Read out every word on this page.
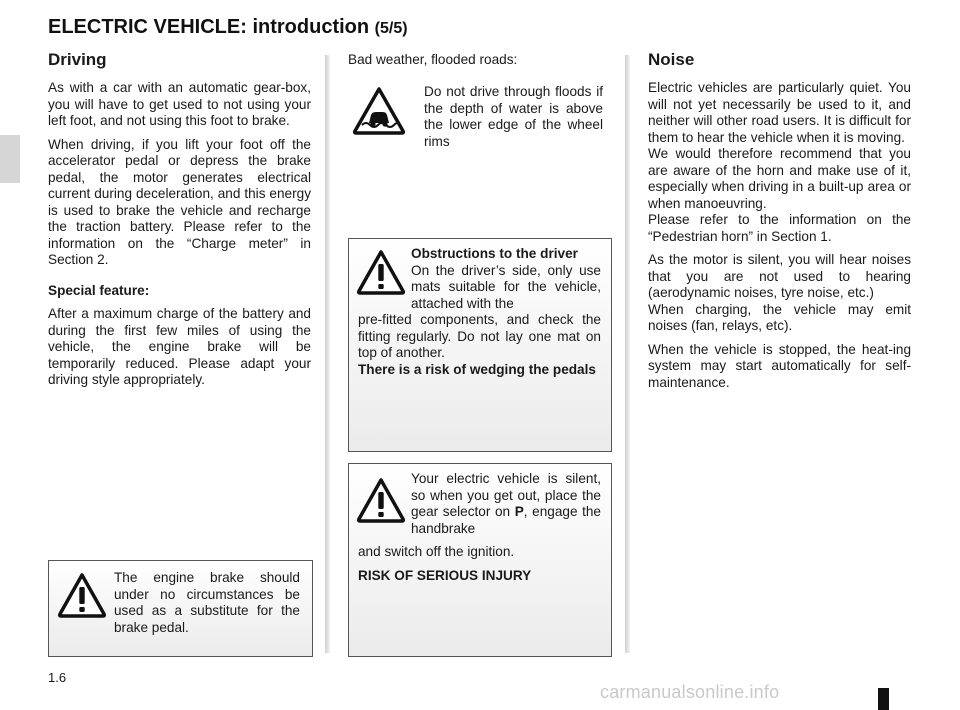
ELECTRIC VEHICLE: introduction (5/5)
Driving

As with a car with an automatic gear-box, you will have to get used to not using your left foot, and not using this foot to brake.

When driving, if you lift your foot off the accelerator pedal or depress the brake pedal, the motor generates electrical current during deceleration, and this energy is used to brake the vehicle and recharge the traction battery. Please refer to the information on the “Charge meter” in Section 2.

Special feature:

After a maximum charge of the battery and during the first few miles of using the vehicle, the engine brake will be temporarily reduced. Please adapt your driving style appropriately.

The engine brake should under no circumstances be used as a substitute for the brake pedal.
Bad weather, flooded roads:
Do not drive through floods if the depth of water is above the lower edge of the wheel rims
Obstructions to the driver
On the driver’s side, only use mats suitable for the vehicle, attached with the
pre-fitted components, and check the fitting regularly. Do not lay one mat on top of another.
There is a risk of wedging the pedals
Your electric vehicle is silent, so when you get out, place the gear selector on P, engage the handbrake

and switch off the ignition.

RISK OF SERIOUS INJURY

Noise
Electric vehicles are particularly quiet. You will not yet necessarily be used to it, and neither will other road users. It is difficult for them to hear the vehicle when it is moving.
We would therefore recommend that you are aware of the horn and make use of it, especially when driving in a built-up area or when manoeuvring.

Please refer to the information on the “Pedestrian horn” in Section 1.

As the motor is silent, you will hear noises that you are not used to hearing (aerodynamic noises, tyre noise, etc.)

When charging, the vehicle may emit noises (fan, relays, etc).

When the vehicle is stopped, the heat-ing system may start automatically for self-maintenance.

1.6
carmanualsonline.info
